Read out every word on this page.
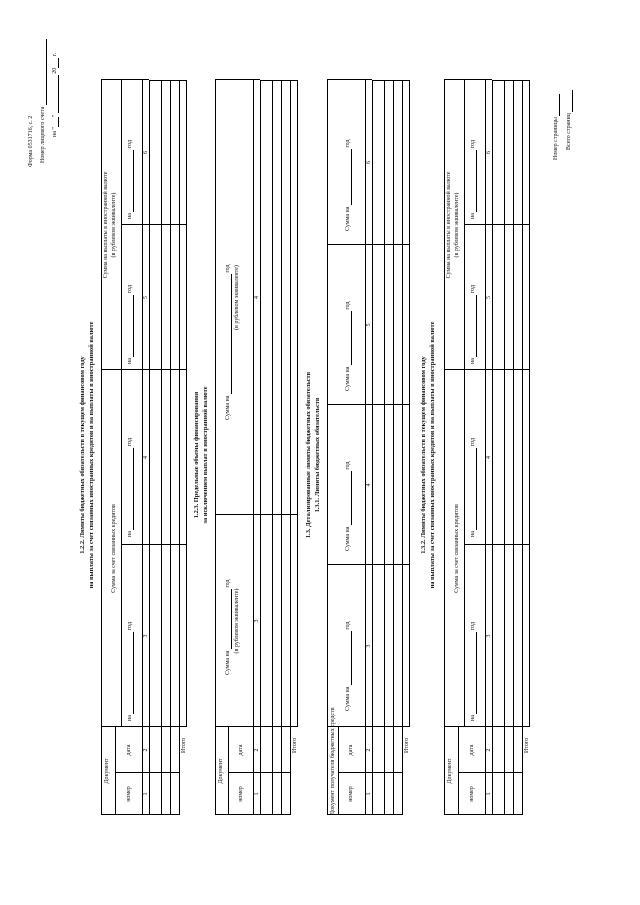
Форма 0531716, с. 2 Номер лицевого счета на ""  20 г.
Номер страницы Всего страниц
1.2.2. Лимиты бюджетных обязательств в текущем финансовом году на выплаты за счет связанных иностранных кредитов и на выплаты в иностранной валюте
Документ
Сумма за счет связанных кредитов
Сумма на выплаты в иностранной валюте (в рублевом эквиваленте)
номер
дата
на  год
на  год
на  год
на  год
1
2
3
4
5
6
Итого
1.2.3. Предельные объемы финансирования за исключением выплат в иностранной валюте
Документ
номер
дата
Сумма на  год
(в рублевом эквиваленте)
Сумма на  год (в рублевом эквиваленте)
1
2
3
4
Итого
1.3. Детализированные лимиты бюджетных обязательств 1.3.1. Лимиты бюджетных обязательств
Документ получателя бюджетных средств номер
дата
Сумма на  год
Сумма на  год
Сумма на  год
Сумма на  год
1
2
3
4
5
6
Итого
1.3.2. Лимиты бюджетных обязательств в текущем финансовом году на выплаты за счет связанных иностранных кредитов и на выплаты в иностранной валюте
Документ
Сумма за счет связанных кредитов
Сумма на выплаты в иностранной валюте (в рублевом эквиваленте)
номер
дата
на  год
на  год
на  год
на  год
1
2
3
4
5
6
Итого
